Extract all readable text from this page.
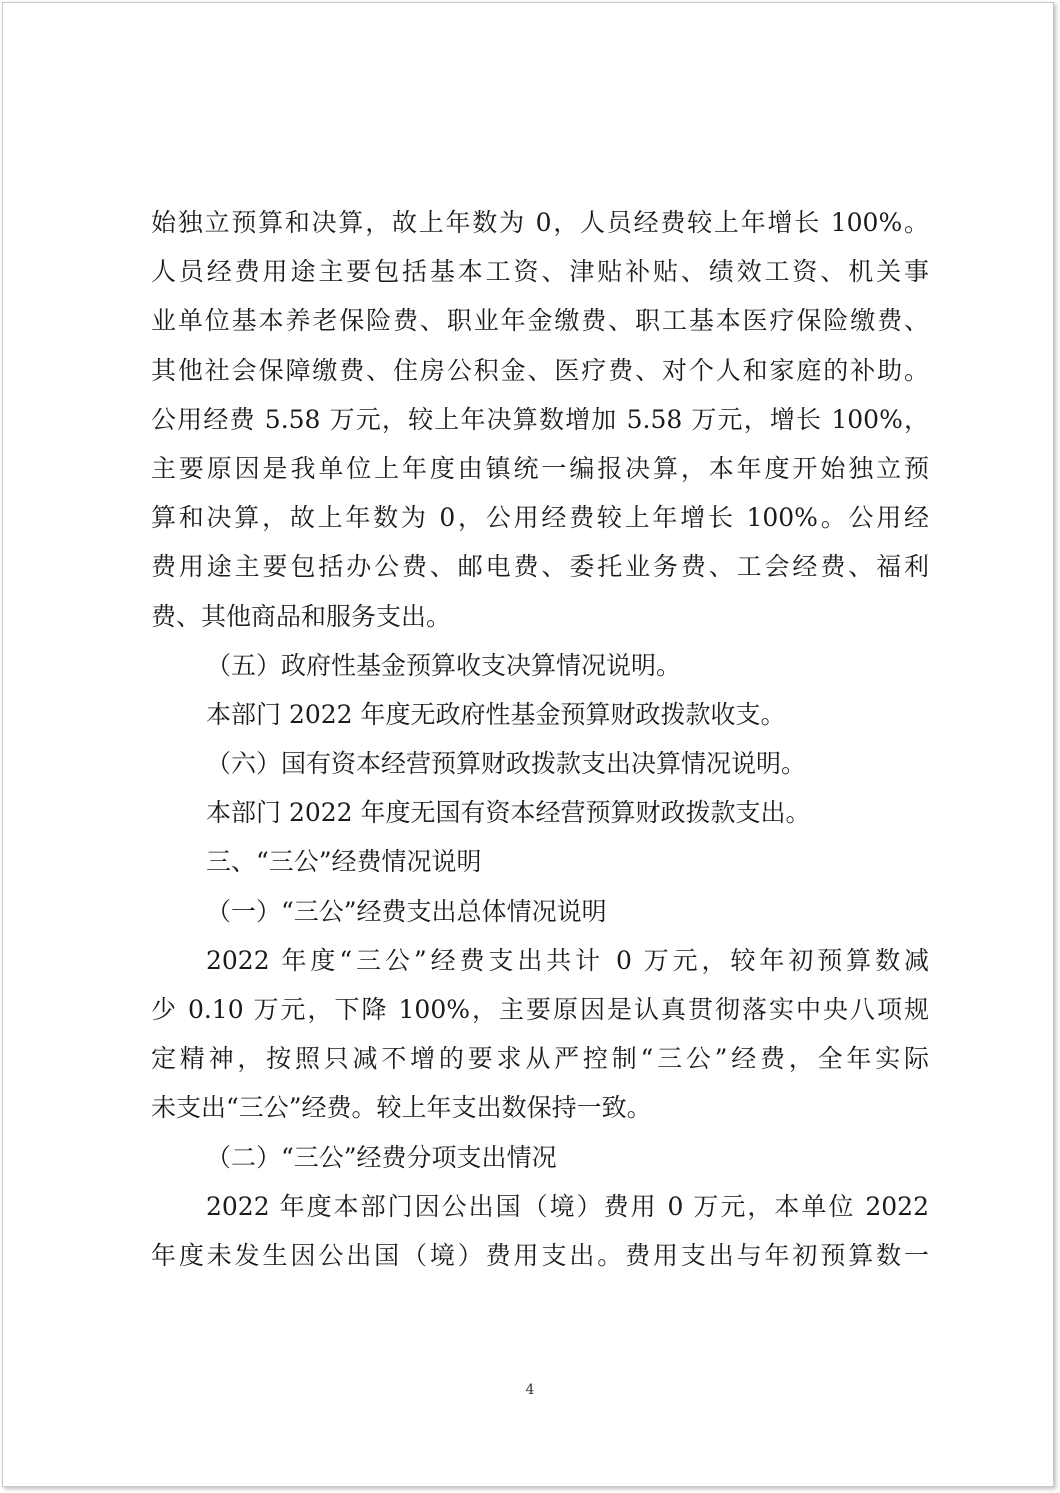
始独立预算和决算，故上年数为 0，人员经费较上年增长 100%。
人员经费用途主要包括基本工资、津贴补贴、绩效工资、机关事
业单位基本养老保险费、职业年金缴费、职工基本医疗保险缴费、
其他社会保障缴费、住房公积金、医疗费、对个人和家庭的补助。
公用经费 5.58 万元，较上年决算数增加 5.58 万元，增长 100%，
主要原因是我单位上年度由镇统一编报决算，本年度开始独立预
算和决算，故上年数为 0，公用经费较上年增长 100%。公用经
费用途主要包括办公费、邮电费、委托业务费、工会经费、福利
费、其他商品和服务支出。
（五）政府性基金预算收支决算情况说明。
本部门 2022 年度无政府性基金预算财政拨款收支。
（六）国有资本经营预算财政拨款支出决算情况说明。
本部门 2022 年度无国有资本经营预算财政拨款支出。
三、“三公”经费情况说明
（一）“三公”经费支出总体情况说明
2022 年度“三公”经费支出共计 0 万元，较年初预算数减
少 0.10 万元，下降 100%，主要原因是认真贯彻落实中央八项规
定精神，按照只减不增的要求从严控制“三公”经费，全年实际
未支出“三公”经费。较上年支出数保持一致。
（二）“三公”经费分项支出情况
2022 年度本部门因公出国（境）费用 0 万元，本单位 2022
年度未发生因公出国（境）费用支出。费用支出与年初预算数一
4
